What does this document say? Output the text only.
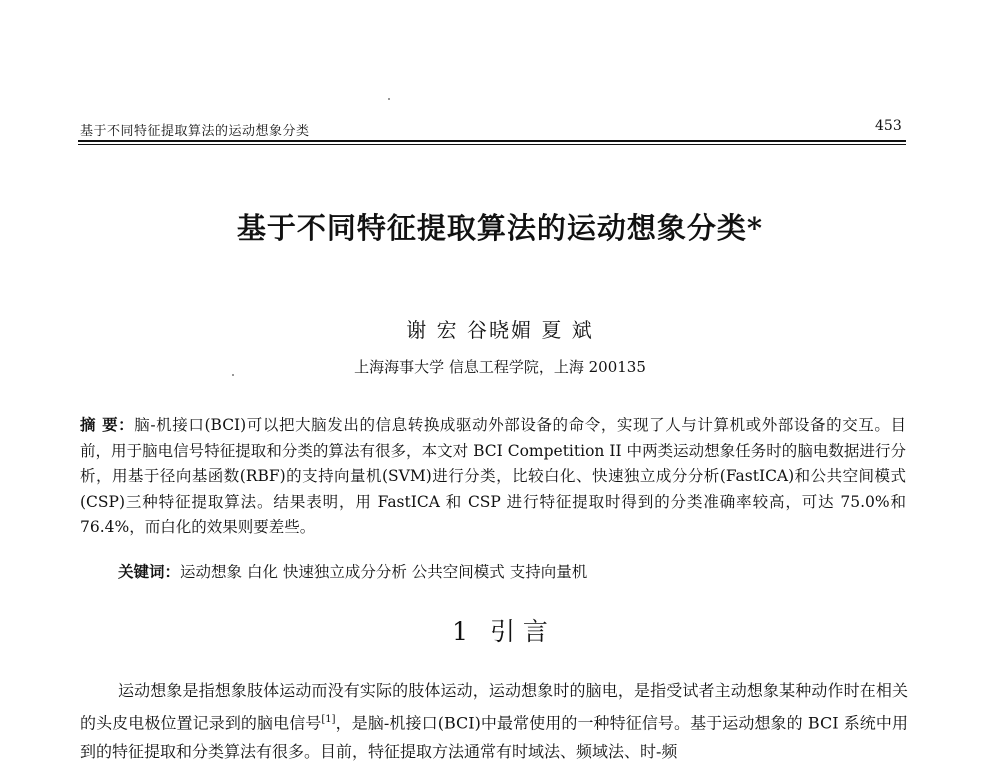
基于不同特征提取算法的运动想象分类	453
基于不同特征提取算法的运动想象分类*
谢 宏 谷晓媚 夏 斌
上海海事大学 信息工程学院，上海 200135
摘 要：脑-机接口(BCI)可以把大脑发出的信息转换成驱动外部设备的命令，实现了人与计算机或外部设备的交互。目前，用于脑电信号特征提取和分类的算法有很多，本文对 BCI Competition II 中两类运动想象任务时的脑电数据进行分析，用基于径向基函数(RBF)的支持向量机(SVM)进行分类，比较白化、快速独立成分分析(FastICA)和公共空间模式(CSP)三种特征提取算法。结果表明，用 FastICA 和 CSP 进行特征提取时得到的分类准确率较高，可达 75.0%和 76.4%，而白化的效果则要差些。
关键词：运动想象 白化 快速独立成分分析 公共空间模式 支持向量机
1 引 言
运动想象是指想象肢体运动而没有实际的肢体运动，运动想象时的脑电，是指受试者主动想象某种动作时在相关的头皮电极位置记录到的脑电信号[1]，是脑-机接口(BCI)中最常使用的一种特征信号。基于运动想象的 BCI 系统中用到的特征提取和分类算法有很多。目前，特征提取方法通常有时域法、频域法、时-频
